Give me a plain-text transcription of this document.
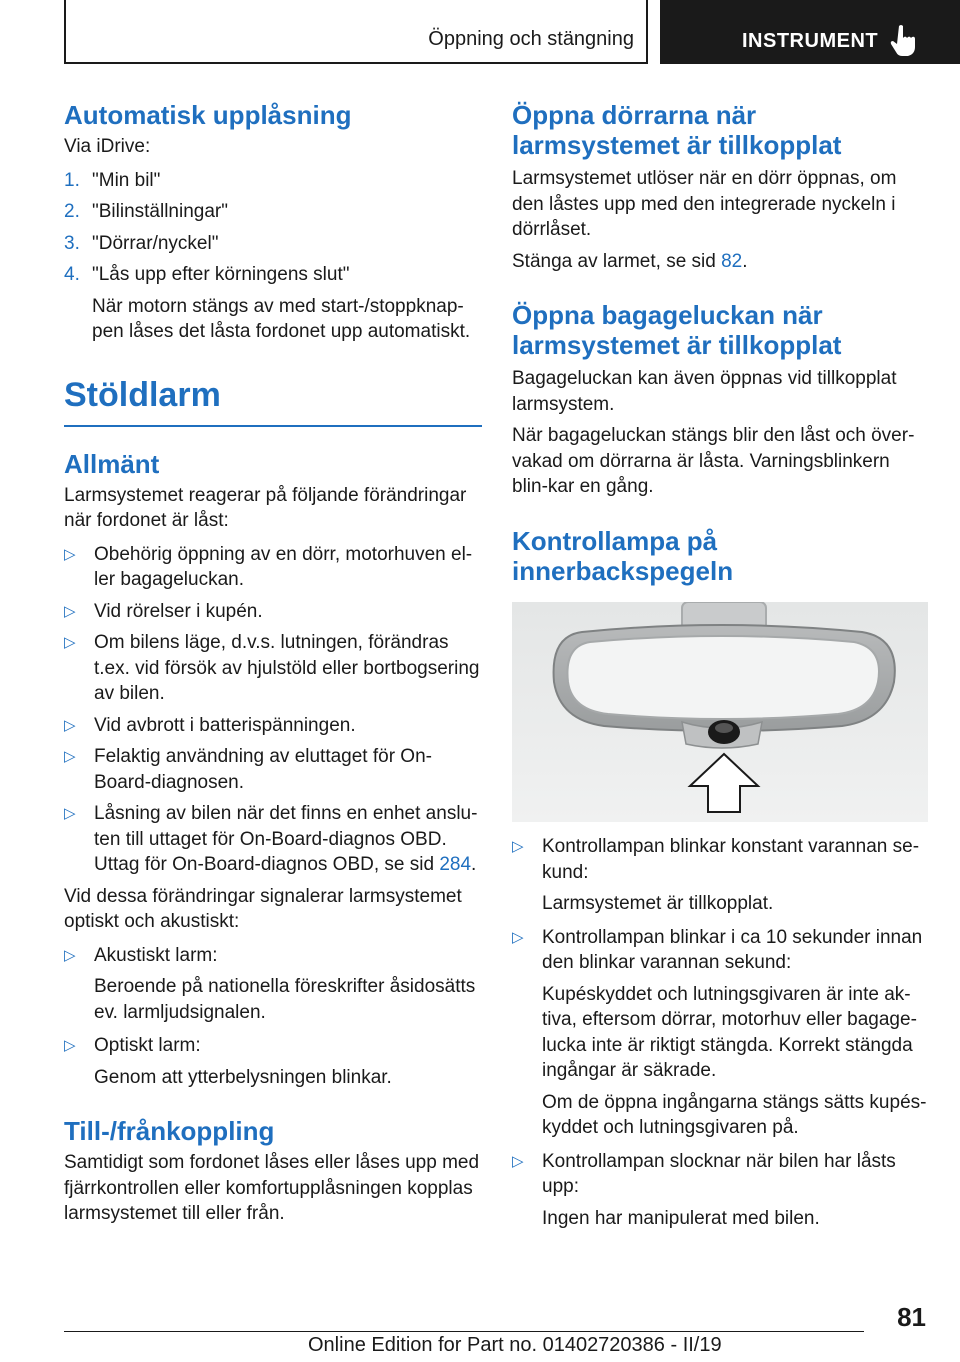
Öppning och stängning	INSTRUMENT
Automatisk upplåsning

Via iDrive:

1. "Min bil"
2. "Bilinställningar"
3. "Dörrar/nyckel"
4. "Lås upp efter körningens slut"

När motorn stängs av med start-/stoppknap-pen låses det låsta fordonet upp automatiskt.

Stöldlarm
Allmänt

Larmsystemet reagerar på följande förändringar när fordonet är låst:

▷ Obehörig öppning av en dörr, motorhuven el-ler bagageluckan.
▷ Vid rörelser i kupén.
▷ Om bilens läge, d.v.s. lutningen, förändras t.ex. vid försök av hjulstöld eller bortbogsering av bilen.
▷ Vid avbrott i batterispänningen.
▷ Felaktig användning av eluttaget för On-Board-diagnosen.
▷ Låsning av bilen när det finns en enhet anslu-ten till uttaget för On-Board-diagnos OBD. Uttag för On-Board-diagnos OBD, se sid 284.

Vid dessa förändringar signalerar larmsystemet optiskt och akustiskt:

▷ Akustiskt larm:
Beroende på nationella föreskrifter åsidosätts ev. larmljudsignalen.
▷ Optiskt larm:
Genom att ytterbelysningen blinkar.
Till-/frånkoppling

Samtidigt som fordonet låses eller låses upp med fjärrkontrollen eller komfortupplåsningen kopplas larmsystemet till eller från.

Öppna dörrarna när larmsystemet är tillkopplat

Larmsystemet utlöser när en dörr öppnas, om den låstes upp med den integrerade nyckeln i dörrlåset.

Stänga av larmet, se sid 82.

Öppna bagageluckan när larmsystemet är tillkopplat

Bagageluckan kan även öppnas vid tillkopplat larmsystem.

När bagageluckan stängs blir den låst och över-vakad om dörrarna är låsta. Varningsblinkern blin-kar en gång.

Kontrollampa på innerbackspegeln
▷ Kontrollampan blinkar konstant varannan se-kund:
Larmsystemet är tillkopplat.
▷ Kontrollampan blinkar i ca 10 sekunder innan den blinkar varannan sekund:
Kupéskyddet och lutningsgivaren är inte ak-tiva, eftersom dörrar, motorhuv eller bagage-lucka inte är riktigt stängda. Korrekt stängda ingångar är säkrade.
Om de öppna ingångarna stängs sätts kupés-kyddet och lutningsgivaren på.
▷ Kontrollampan slocknar när bilen har låsts upp:
Ingen har manipulerat med bilen.
81
Online Edition for Part no. 01402720386 - II/19
